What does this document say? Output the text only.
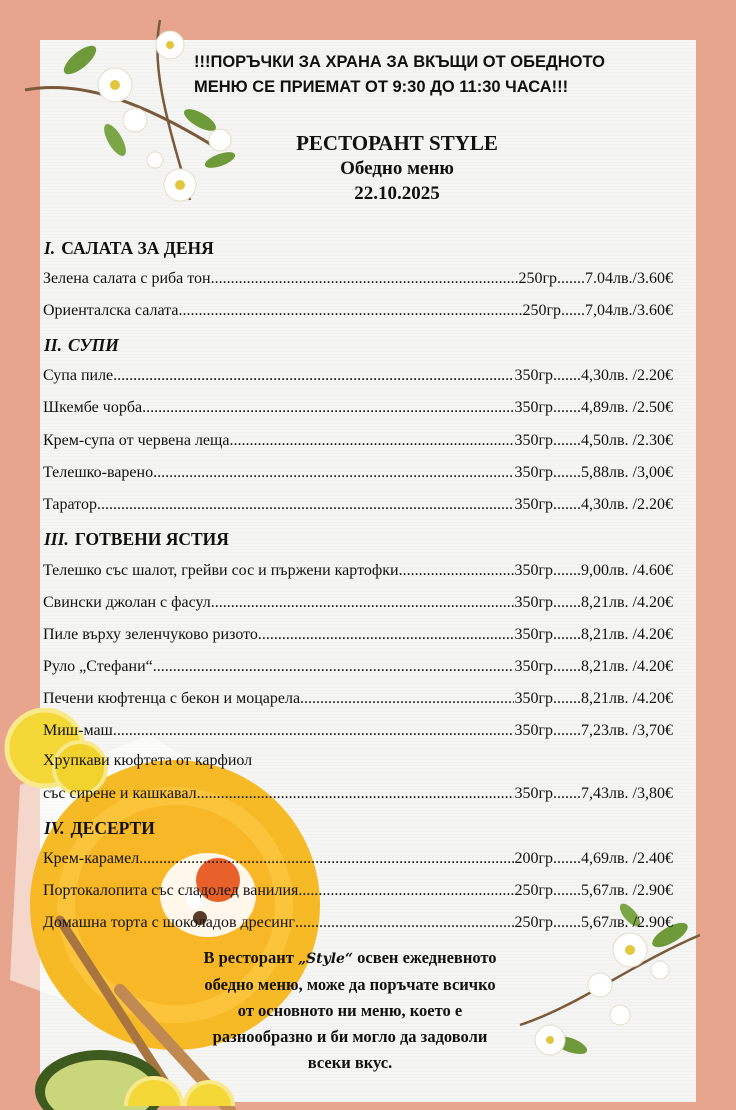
!!!ПОРЪЧКИ ЗА ХРАНА ЗА ВКЪЩИ ОТ ОБЕДНОТО
МЕНЮ СЕ ПРИЕМАТ ОТ 9:30 ДО 11:30 ЧАСА!!!
РЕСТОРАНТ STYLE
Обедно меню
22.10.2025
I. САЛАТА ЗА ДЕНЯ
Зелена салата с риба тон .....	250гр.......7.04лв./3.60€
Ориенталска салата .....	250гр......7,04лв./3.60€
II. СУПИ
Супа пиле .....	350гр.......4,30лв. /2.20€
Шкембе чорба .....	350гр.......4,89лв. /2.50€
Крем-супа от червена леща .....	350гр.......4,50лв. /2.30€
Телешко-варено .....	350гр.......5,88лв. /3,00€
Таратор .....	350гр.......4,30лв. /2.20€
III. ГОТВЕНИ ЯСТИЯ
Телешко със шалот, грейви сос и пържени картофки .....	350гр.......9,00лв. /4.60€
Свински джолан с фасул .....	350гр.......8,21лв. /4.20€
Пиле върху зеленчуково ризото .....	350гр.......8,21лв. /4.20€
Руло „Стефани“ .....	350гр.......8,21лв. /4.20€
Печени кюфтенца с бекон и моцарела .....	350гр.......8,21лв. /4.20€
Миш-маш .....	350гр.......7,23лв. /3,70€
Хрупкави кюфтета от карфиол
със сирене и кашкавал .....	350гр.......7,43лв. /3,80€
IV. ДЕСЕРТИ
Крем-карамел .....	200гр.......4,69лв. /2.40€
Портокалопита със сладолед ванилия .....	250гр.......5,67лв. /2.90€
Домашна торта с шоколадов дресинг .....	250гр.......5,67лв. /2.90€
В ресторант „Style“ освен ежедневното
обедно меню, може да поръчате всичко
от основното ни меню, което е
разнообразно и би могло да задоволи
всеки вкус.
